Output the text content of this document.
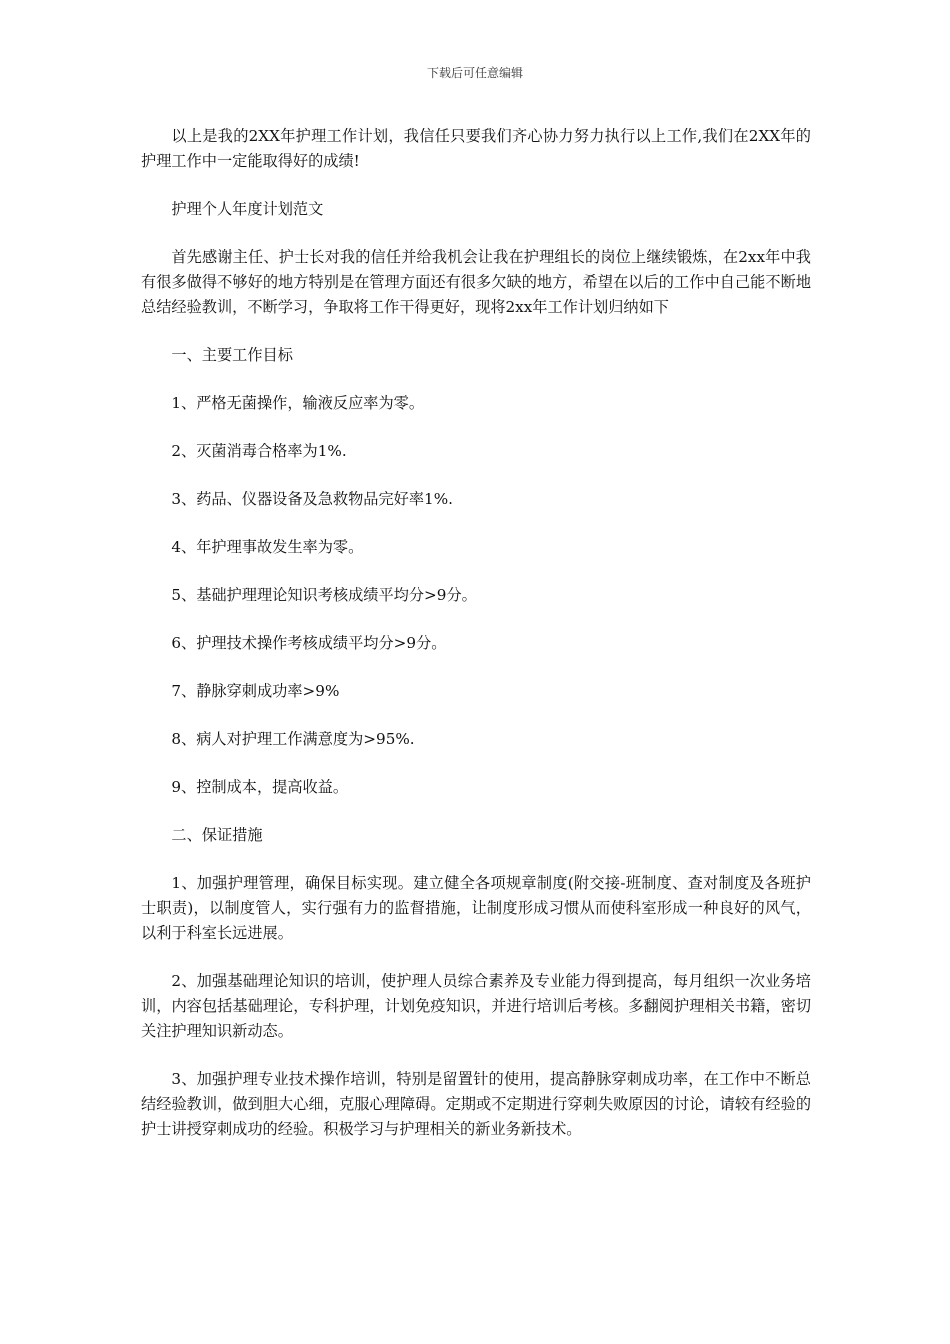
下载后可任意编辑

以上是我的2XX年护理工作计划，我信任只要我们齐心协力努力执行以上工作,我们在2XX年的护理工作中一定能取得好的成绩!

护理个人年度计划范文

首先感谢主任、护士长对我的信任并给我机会让我在护理组长的岗位上继续锻炼，在2xx年中我有很多做得不够好的地方特别是在管理方面还有很多欠缺的地方，希望在以后的工作中自己能不断地总结经验教训，不断学习，争取将工作干得更好，现将2xx年工作计划归纳如下

一、主要工作目标

1、严格无菌操作，输液反应率为零。

2、灭菌消毒合格率为1%.

3、药品、仪器设备及急救物品完好率1%.

4、年护理事故发生率为零。

5、基础护理理论知识考核成绩平均分>9分。

6、护理技术操作考核成绩平均分>9分。

7、静脉穿刺成功率>9%

8、病人对护理工作满意度为>95%.

9、控制成本，提高收益。

二、保证措施

1、加强护理管理，确保目标实现。建立健全各项规章制度(附交接-班制度、查对制度及各班护士职责)，以制度管人，实行强有力的监督措施，让制度形成习惯从而使科室形成一种良好的风气，以利于科室长远进展。

2、加强基础理论知识的培训，使护理人员综合素养及专业能力得到提高，每月组织一次业务培训，内容包括基础理论，专科护理，计划免疫知识，并进行培训后考核。多翻阅护理相关书籍，密切关注护理知识新动态。

3、加强护理专业技术操作培训，特别是留置针的使用，提高静脉穿刺成功率，在工作中不断总结经验教训，做到胆大心细，克服心理障碍。定期或不定期进行穿刺失败原因的讨论，请较有经验的护士讲授穿刺成功的经验。积极学习与护理相关的新业务新技术。
